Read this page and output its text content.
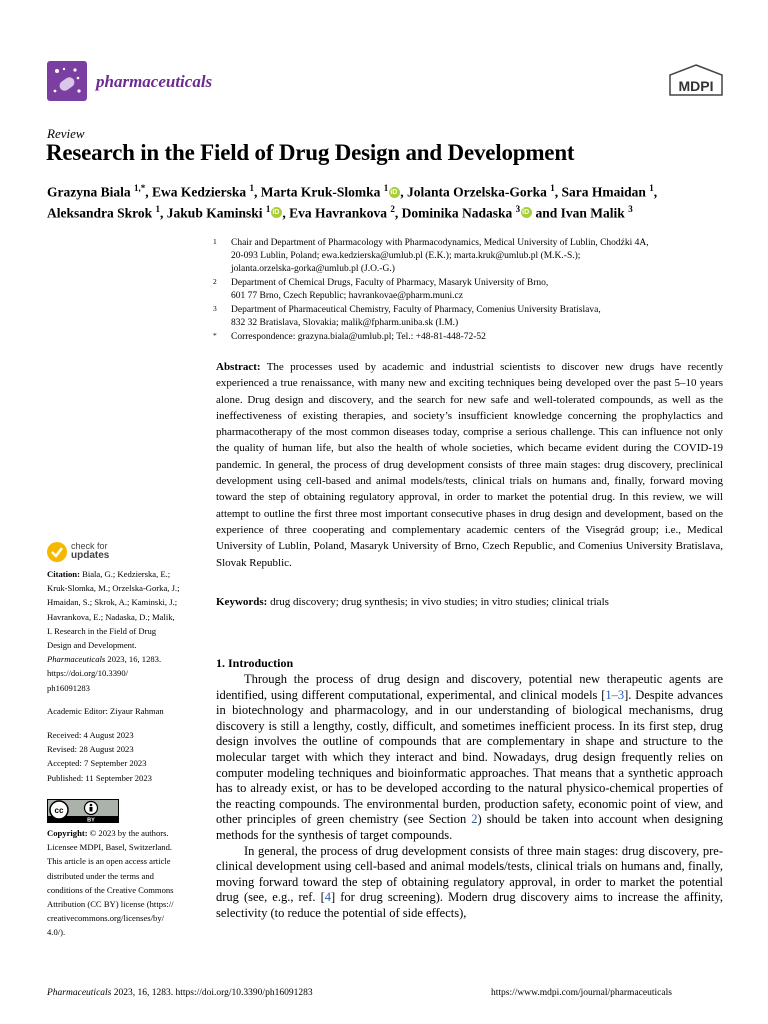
pharmaceuticals	MDPI
Review
Research in the Field of Drug Design and Development
Grazyna Biala $^{1,*}$, Ewa Kedzierska $^1$, Marta Kruk-Slomka $^1$ iD , Jolanta Orzelska-Gorka $^1$, Sara Hmaidan $^1$,
Aleksandra Skrok $^1$, Jakub Kaminski $^1$ iD , Eva Havrankova $^2$, Dominika Nadaska $^3$ iD and Ivan Malik $^3$
1 Chair and Department of Pharmacology with Pharmacodynamics, Medical University of Lublin, Chodźki 4A,
20-093 Lublin, Poland; ewa.kedzierska@umlub.pl (E.K.); marta.kruk@umlub.pl (M.K.-S.);
jolanta.orzelska-gorka@umlub.pl (J.O.-G.)
2 Department of Chemical Drugs, Faculty of Pharmacy, Masaryk University of Brno,
601 77 Brno, Czech Republic; havrankovae@pharm.muni.cz
3 Department of Pharmaceutical Chemistry, Faculty of Pharmacy, Comenius University Bratislava,
832 32 Bratislava, Slovakia; malik@fpharm.uniba.sk (I.M.)
* Correspondence: grazyna.biala@umlub.pl; Tel.: +48-81-448-72-52
Abstract: The processes used by academic and industrial scientists to discover new drugs have recently experienced a true renaissance, with many new and exciting techniques being developed over the past 5–10 years alone. Drug design and discovery, and the search for new safe and well-tolerated compounds, as well as the ineffectiveness of existing therapies, and society’s insufficient knowledge concerning the prophylactics and pharmacotherapy of the most common diseases today, comprise a serious challenge. This can influence not only the quality of human life, but also the health of whole societies, which became evident during the COVID-19 pandemic. In general, the process of drug development consists of three main stages: drug discovery, preclinical development using cell-based and animal models/tests, clinical trials on humans and, finally, forward moving toward the step of obtaining regulatory approval, in order to market the potential drug. In this review, we will attempt to outline the first three most important consecutive phases in drug design and development, based on the experience of three cooperating and complementary academic centers of the Visegrád group; i.e., Medical University of Lublin, Poland, Masaryk University of Brno, Czech Republic, and Comenius University Bratislava, Slovak Republic.
Keywords: drug discovery; drug synthesis; in vivo studies; in vitro studies; clinical trials
check for
updates
Citation: Biala, G.; Kedzierska, E.;
Kruk-Slomka, M.; Orzelska-Gorka, J.;
Hmaidan, S.; Skrok, A.; Kaminski, J.;
Havrankova, E.; Nadaska, D.; Malik,
I. Research in the Field of Drug
Design and Development.
Pharmaceuticals 2023, 16, 1283.
https://doi.org/10.3390/
ph16091283
Academic Editor: Ziyaur Rahman
Received: 4 August 2023
Revised: 28 August 2023
Accepted: 7 September 2023
Published: 11 September 2023
cc
BY
Copyright: © 2023 by the authors.
Licensee MDPI, Basel, Switzerland.
This article is an open access article
distributed under the terms and
conditions of the Creative Commons
Attribution (CC BY) license (https://
creativecommons.org/licenses/by/
4.0/).
1. Introduction

Through the process of drug design and discovery, potential new therapeutic agents are identified, using different computational, experimental, and clinical models [1–3]. Despite advances in biotechnology and pharmacology, and in our understanding of biological mechanisms, drug discovery is still a lengthy, costly, difficult, and sometimes inefficient process. In its first step, drug design involves the outline of compounds that are complementary in shape and structure to the molecular target with which they interact and bind. Nowadays, drug design frequently relies on computer modeling techniques and bioinformatic approaches. That means that a synthetic approach has to already exist, or has to be developed according to the natural physico-chemical properties of the reacting compounds. The environmental burden, production safety, economic point of view, and other principles of green chemistry (see Section 2) should be taken into account when designing methods for the synthesis of target compounds.

In general, the process of drug development consists of three main stages: drug discovery, pre-clinical development using cell-based and animal models/tests, clinical trials on humans and, finally, moving forward toward the step of obtaining regulatory approval, in order to market the potential drug (see, e.g., ref. [4] for drug screening). Modern drug discovery aims to increase the affinity, selectivity (to reduce the potential of side effects),

Pharmaceuticals 2023, 16, 1283. https://doi.org/10.3390/ph16091283	https://www.mdpi.com/journal/pharmaceuticals
